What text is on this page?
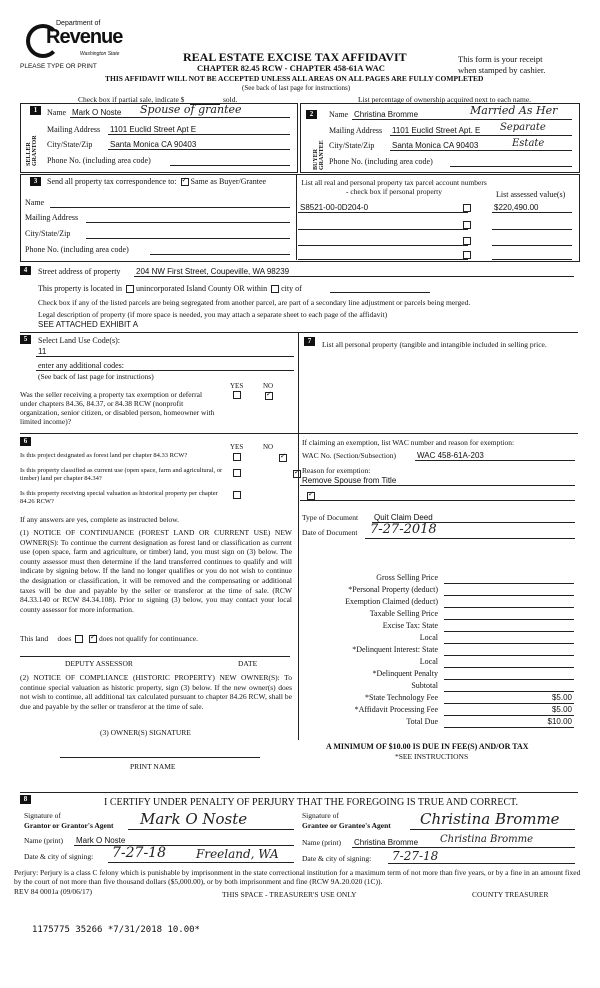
Department of
Revenue
Washington State
PLEASE TYPE OR PRINT
REAL ESTATE EXCISE TAX AFFIDAVIT
CHAPTER 82.45 RCW - CHAPTER 458-61A WAC
This form is your receipt
when stamped by cashier.
THIS AFFIDAVIT WILL NOT BE ACCEPTED UNLESS ALL AREAS ON ALL PAGES ARE FULLY COMPLETED
(See back of last page for instructions)
Check box if partial sale, indicate $	sold.	List percentage of ownership acquired next to each name.
1
SELLER GRANTOR
Name Mark O Noste Spouse of grantee
Mailing Address 1101 Euclid Street Apt E
City/State/Zip Santa Monica CA 90403
Phone No. (including area code)
2
BUYER GRANTEE
Name Christina Bromme	Married As Her
Mailing Address 1101 Euclid Street Apt. E Separate
City/State/Zip Santa Monica CA 90403	Estate
Phone No. (including area code)
3	Send all property tax correspondence to: ✓ Same as Buyer/Grantee
Name
Mailing Address
City/State/Zip
Phone No. (including area code)
List all real and personal property tax parcel account numbers - check box if personal property	List assessed value(s)
S8521-00-0D204-0	$220,490.00
4	Street address of property 204 NW First Street, Coupeville, WA 98239
This property is located in unincorporated Island County OR within city of
Check box if any of the listed parcels are being segregated from another parcel, are part of a secondary line adjustment or parcels being merged.
Legal description of property (if more space is needed, you may attach a separate sheet to each page of the affidavit)
SEE ATTACHED EXHIBIT A
5	Select Land Use Code(s):
11
enter any additional codes:
(See back of last page for instructions)
YES	NO
Was the seller receiving a property tax exemption or deferral under chapters 84.36, 84.37, or 84.38 RCW (nonprofit organization, senior citizen, or disabled person, homeowner with limited income)?
✓
7	List all personal property (tangible and intangible included in selling price.
6
YES	NO
Is this project designated as forest land per chapter 84.33 RCW?
✓
Is this property classified as current use (open space, farm and agricultural, or timber) land per chapter 84.34?
✓
Is this property receiving special valuation as historical property per chapter 84.26 RCW?
✓
If any answers are yes, complete as instructed below.
(1) NOTICE OF CONTINUANCE (FOREST LAND OR CURRENT USE) NEW OWNER(S): To continue the current designation as forest land or classification as current use (open space, farm and agriculture, or timber) land, you must sign on (3) below. The county assessor must then determine if the land transferred continues to qualify and will indicate by signing below. If the land no longer qualifies or you do not wish to continue the designation or classification, it will be removed and the compensating or additional taxes will be due and payable by the seller or transferor at the time of sale. (RCW 84.33.140 or RCW 84.34.108). Prior to signing (3) below, you may contact your local county assessor for more information.
This land does ✓	does not qualify for continuance.
DEPUTY ASSESSOR	DATE
(2) NOTICE OF COMPLIANCE (HISTORIC PROPERTY) NEW OWNER(S): To continue special valuation as historic property, sign (3) below. If the new owner(s) does not wish to continue, all additional tax calculated pursuant to chapter 84.26 RCW, shall be due and payable by the seller or transferor at the time of sale.
(3) OWNER(S) SIGNATURE
PRINT NAME
If claiming an exemption, list WAC number and reason for exemption:
WAC No. (Section/Subsection)	WAC 458-61A-203
Reason for exemption:
Remove Spouse from Title
Type of Document Quit Claim Deed
Date of Document 7-27-2018
Gross Selling Price
*Personal Property (deduct)
Exemption Claimed (deduct)
Taxable Selling Price
Excise Tax: State
Local
*Delinquent Interest: State
Local
*Delinquent Penalty
Subtotal
*State Technology Fee	$5.00
*Affidavit Processing Fee	$5.00
Total Due	$10.00
A MINIMUM OF $10.00 IS DUE IN FEE(S) AND/OR TAX
*SEE INSTRUCTIONS
8	I CERTIFY UNDER PENALTY OF PERJURY THAT THE FOREGOING IS TRUE AND CORRECT.
Signature of
Grantor or Grantor's Agent Mark O Noste	Signature of
Grantee or Grantee's Agent Christina Bromme
Name (print) Mark O Noste	Name (print) Christina Bromme Christina Bromme
Date & city of signing: 7-27-18	Freeland, WA	Date & city of signing: 7-27-18
Perjury: Perjury is a class C felony which is punishable by imprisonment in the state correctional institution for a maximum term of not more than five years, or by a fine in an amount fixed by the court of not more than five thousand dollars ($5,000.00), or by both imprisonment and fine (RCW 9A.20.020 (1C)).
REV 84 0001a (09/06/17)	THIS SPACE - TREASURER'S USE ONLY	COUNTY TREASURER
1175775 35266 *7/31/2018 10.00*
